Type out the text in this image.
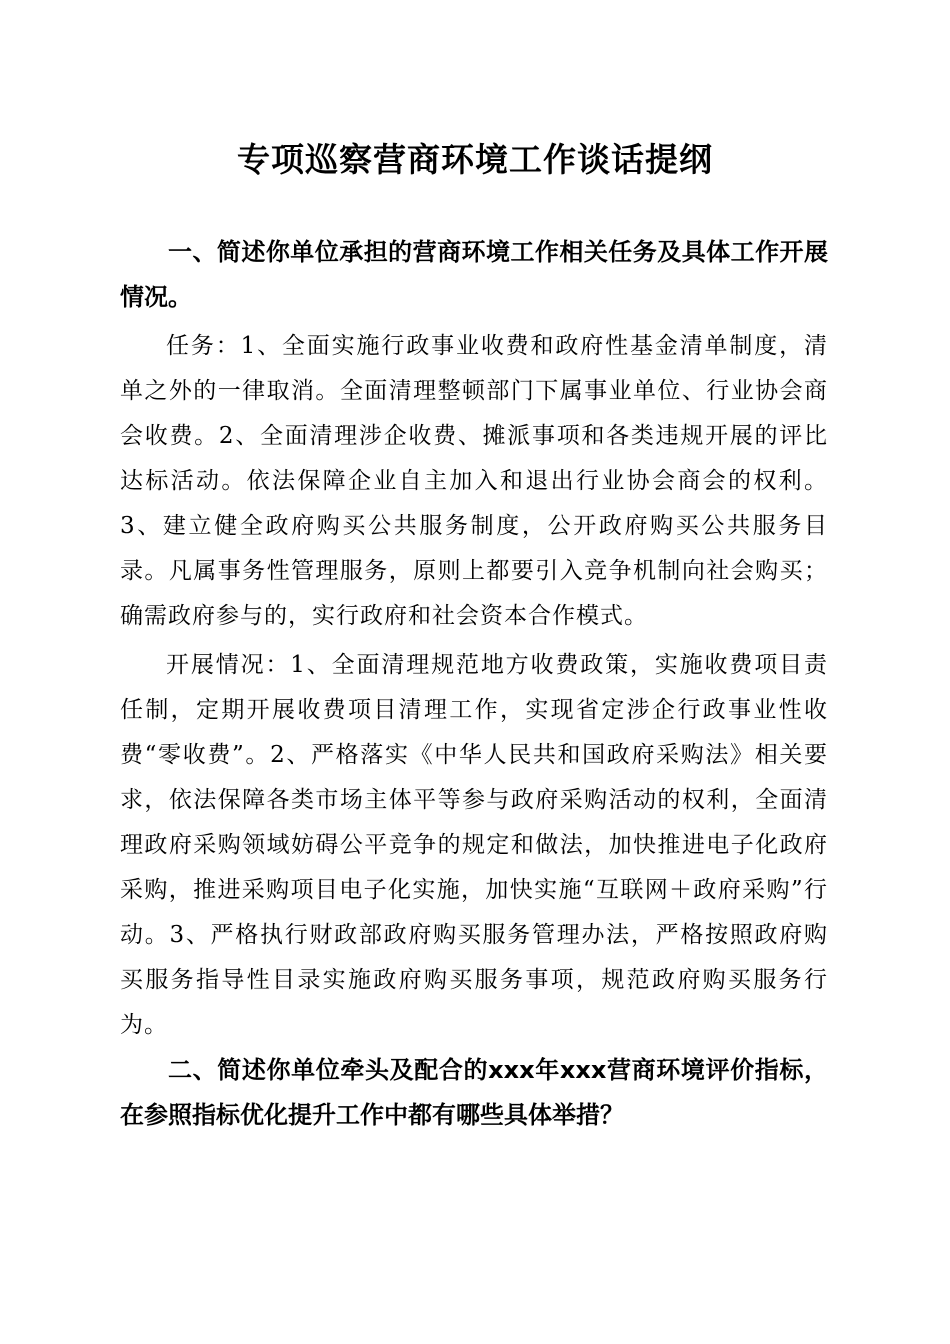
专项巡察营商环境工作谈话提纲

一、简述你单位承担的营商环境工作相关任务及具体工作开展情况。

任务：1、全面实施行政事业收费和政府性基金清单制度，清单之外的一律取消。全面清理整顿部门下属事业单位、行业协会商会收费。2、全面清理涉企收费、摊派事项和各类违规开展的评比达标活动。依法保障企业自主加入和退出行业协会商会的权利。3、建立健全政府购买公共服务制度，公开政府购买公共服务目录。凡属事务性管理服务，原则上都要引入竞争机制向社会购买；确需政府参与的，实行政府和社会资本合作模式。

开展情况：1、全面清理规范地方收费政策，实施收费项目责任制，定期开展收费项目清理工作，实现省定涉企行政事业性收费“零收费”。2、严格落实《中华人民共和国政府采购法》相关要求，依法保障各类市场主体平等参与政府采购活动的权利，全面清理政府采购领域妨碍公平竞争的规定和做法，加快推进电子化政府采购，推进采购项目电子化实施，加快实施“互联网＋政府采购”行动。3、严格执行财政部政府购买服务管理办法，严格按照政府购买服务指导性目录实施政府购买服务事项，规范政府购买服务行为。

二、简述你单位牵头及配合的xxx年xxx营商环境评价指标，在参照指标优化提升工作中都有哪些具体举措？
